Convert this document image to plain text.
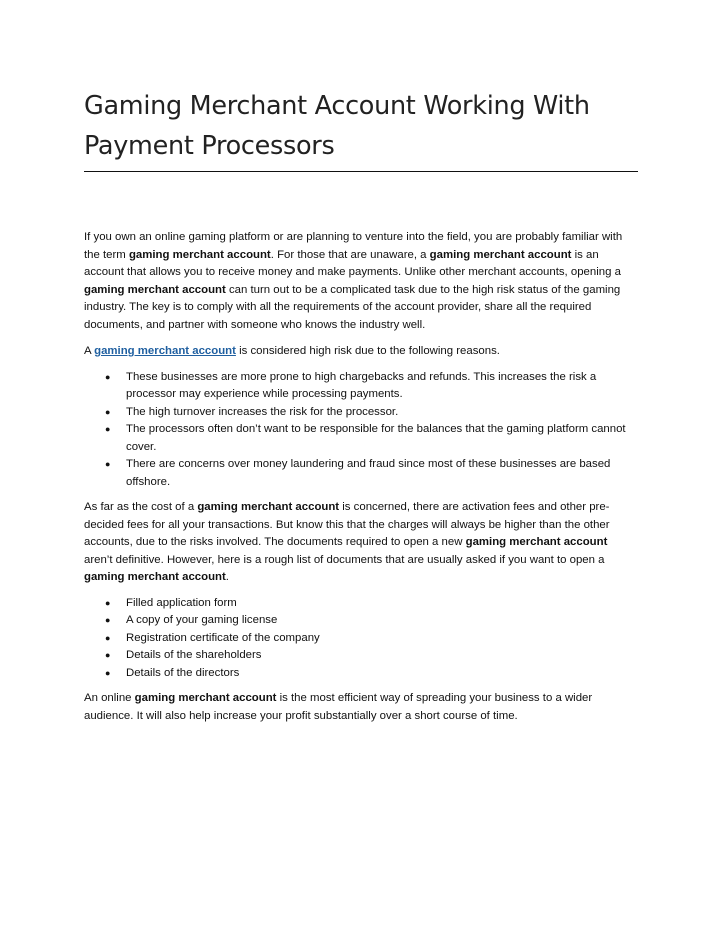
Gaming Merchant Account Working With
Payment Processors

If you own an online gaming platform or are planning to venture into the field, you are probably familiar with the term gaming merchant account. For those that are unaware, a gaming merchant account is an account that allows you to receive money and make payments. Unlike other merchant accounts, opening a gaming merchant account can turn out to be a complicated task due to the high risk status of the gaming industry. The key is to comply with all the requirements of the account provider, share all the required documents, and partner with someone who knows the industry well.

A gaming merchant account is considered high risk due to the following reasons.

● These businesses are more prone to high chargebacks and refunds. This increases the risk a processor may experience while processing payments.
● The high turnover increases the risk for the processor.
● The processors often don’t want to be responsible for the balances that the gaming platform cannot cover.
● There are concerns over money laundering and fraud since most of these businesses are based offshore.

As far as the cost of a gaming merchant account is concerned, there are activation fees and other pre-decided fees for all your transactions. But know this that the charges will always be higher than the other accounts, due to the risks involved. The documents required to open a new gaming merchant account aren’t definitive. However, here is a rough list of documents that are usually asked if you want to open a gaming merchant account.

● Filled application form
● A copy of your gaming license
● Registration certificate of the company
● Details of the shareholders
● Details of the directors

An online gaming merchant account is the most efficient way of spreading your business to a wider audience. It will also help increase your profit substantially over a short course of time.
